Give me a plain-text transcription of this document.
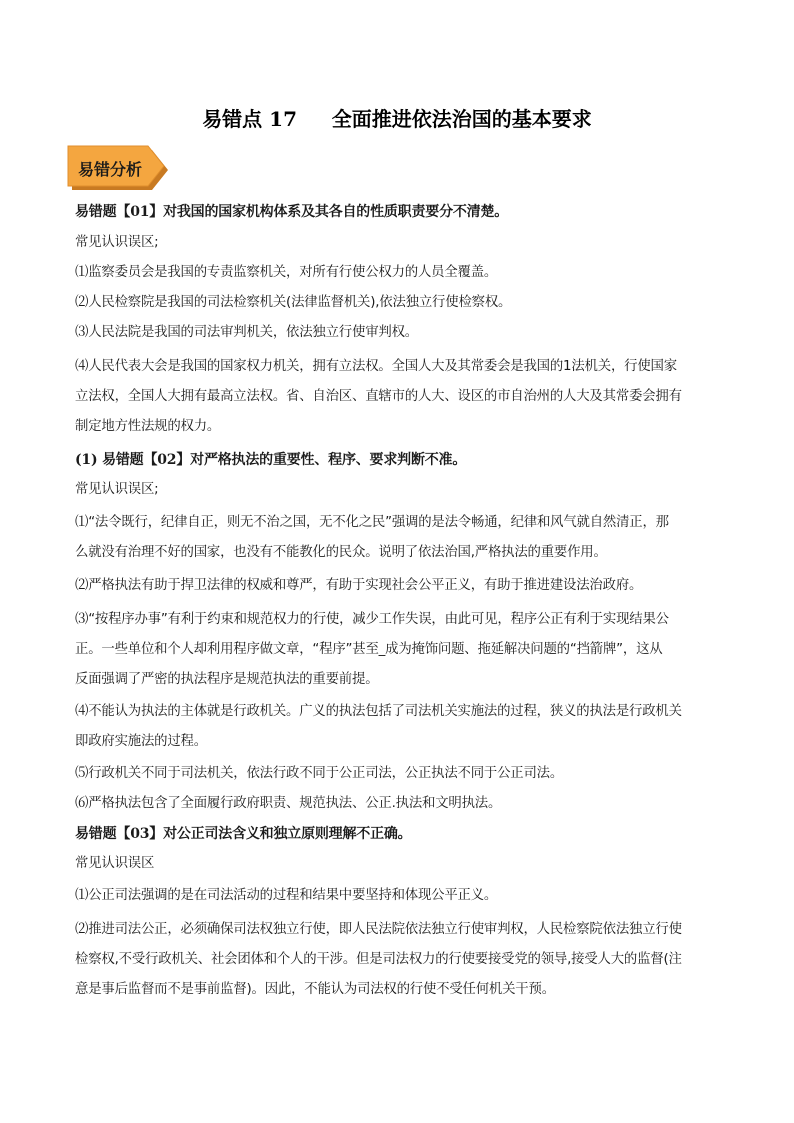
易错点 17     全面推进依法治国的基本要求
易错分析
易错题【01】对我国的国家机构体系及其各自的性质职责要分不清楚。
常见认识误区;
⑴监察委员会是我国的专责监察机关，对所有行使公权力的人员全覆盖。
⑵人民检察院是我国的司法检察机关(法律监督机关),依法独立行使检察权。
⑶人民法院是我国的司法审判机关，依法独立行使审判权。
⑷人民代表大会是我国的国家权力机关，拥有立法权。全国人大及其常委会是我国的1法机关，行使国家
立法权，全国人大拥有最高立法权。省、自治区、直辖市的人大、设区的市自治州的人大及其常委会拥有
制定地方性法规的权力。
(1) 易错题【02】对严格执法的重要性、程序、要求判断不准。
常见认识误区;
⑴“法令既行，纪律自正，则无不治之国，无不化之民”强调的是法令畅通，纪律和风气就自然清正，那
么就没有治理不好的国家，也没有不能教化的民众。说明了依法治国,严格执法的重要作用。
⑵严格执法有助于捍卫法律的权威和尊严，有助于实现社会公平正义，有助于推进建设法治政府。
⑶“按程序办事”有利于约束和规范权力的行使，减少工作失误，由此可见，程序公正有利于实现结果公
正。一些单位和个人却利用程序做文章，“程序”甚至_成为掩饰问题、拖延解决问题的“挡箭牌”，这从
反面强调了严密的执法程序是规范执法的重要前提。
⑷不能认为执法的主体就是行政机关。广义的执法包括了司法机关实施法的过程，狭义的执法是行政机关
即政府实施法的过程。
⑸行政机关不同于司法机关，依法行政不同于公正司法，公正执法不同于公正司法。
⑹严格执法包含了全面履行政府职责、规范执法、公正.执法和文明执法。
易错题【03】对公正司法含义和独立原则理解不正确。
常见认识误区
⑴公正司法强调的是在司法活动的过程和结果中要坚持和体现公平正义。
⑵推进司法公正，必须确保司法权独立行使，即人民法院依法独立行使审判权，人民检察院依法独立行使
检察权,不受行政机关、社会团体和个人的干涉。但是司法权力的行使要接受党的领导,接受人大的监督(注
意是事后监督而不是事前监督)。因此，不能认为司法权的行使不受任何机关干预。
